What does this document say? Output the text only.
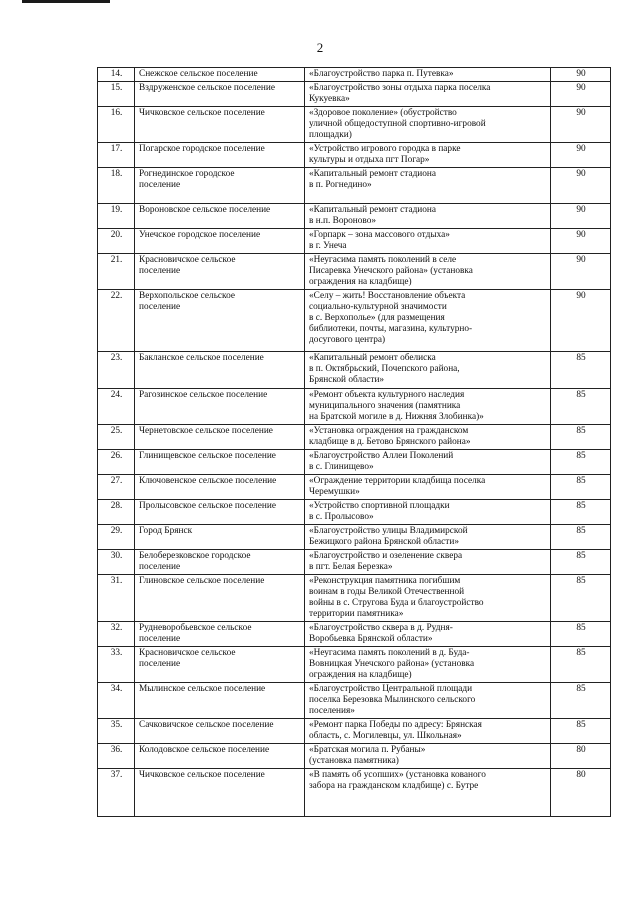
2
14.	Снежское сельское поселение	«Благоустройство парка п. Путевка»	90
15.	Вздруженское сельское поселение	«Благоустройство зоны отдыха парка поселка
Кукуевка»	90
16.	Чичковское сельское поселение	«Здоровое поколение» (обустройство
уличной общедоступной спортивно-игровой
площадки)	90
17.	Погарское городское поселение	«Устройство игрового городка в парке
культуры и отдыха пгт Погар»	90
18.	Рогнединское городское
поселение	«Капитальный ремонт стадиона
в п. Рогнедино»	90
19.	Вороновское сельское поселение	«Капитальный ремонт стадиона
в н.п. Вороново»	90
20.	Унечское городское поселение	«Горпарк – зона массового отдыха»
в г. Унеча	90
21.	Красновичское сельское
поселение	«Неугасима память поколений в селе
Писаревка Унечского района» (установка
ограждения на кладбище)	90
22.	Верхопольское сельское
поселение	«Селу – жить! Восстановление объекта
социально-культурной значимости
в с. Верхополье» (для размещения
библиотеки, почты, магазина, культурно-
досугового центра)	90
23.	Бакланское сельское поселение	«Капитальный ремонт обелиска
в п. Октябрьский, Почепского района,
Брянской области»	85
24.	Рагозинское сельское поселение	«Ремонт объекта культурного наследия
муниципального значения (памятника
на Братской могиле в д. Нижняя Злобинка)»	85
25.	Чернетовское сельское поселение	«Установка ограждения на гражданском
кладбище в д. Бетово Брянского района»	85
26.	Глинищевское сельское поселение	«Благоустройство Аллеи Поколений
в с. Глинищево»	85
27.	Ключовенское сельское поселение	«Ограждение территории кладбища поселка
Черемушки»	85
28.	Пролысовское сельское поселение	«Устройство спортивной площадки
в с. Пролысово»	85
29.	Город Брянск	«Благоустройство улицы Владимирской
Бежицкого района Брянской области»	85
30.	Белоберезковское городское
поселение	«Благоустройство и озеленение сквера
в пгт. Белая Березка»	85
31.	Глиновское сельское поселение	«Реконструкция памятника погибшим
воинам в годы Великой Отечественной
войны в с. Стругова Буда и благоустройство
территории памятника»	85
32.	Рудневоробьевское сельское
поселение	«Благоустройство сквера в д. Рудня-
Воробьевка Брянской области»	85
33.	Красновичское сельское
поселение	«Неугасима память поколений в д. Буда-
Вовницкая Унечского района» (установка
ограждения на кладбище)	85
34.	Мылинское сельское поселение	«Благоустройство Центральной площади
поселка Березовка Мылинского сельского
поселения»	85
35.	Сачковичское сельское поселение	«Ремонт парка Победы по адресу: Брянская
область, с. Могилевцы, ул. Школьная»	85
36.	Колодовское сельское поселение	«Братская могила п. Рубаны»
(установка памятника)	80
37.	Чичковское сельское поселение	«В память об усопших» (установка кованого
забора на гражданском кладбище) с. Бутре	80
